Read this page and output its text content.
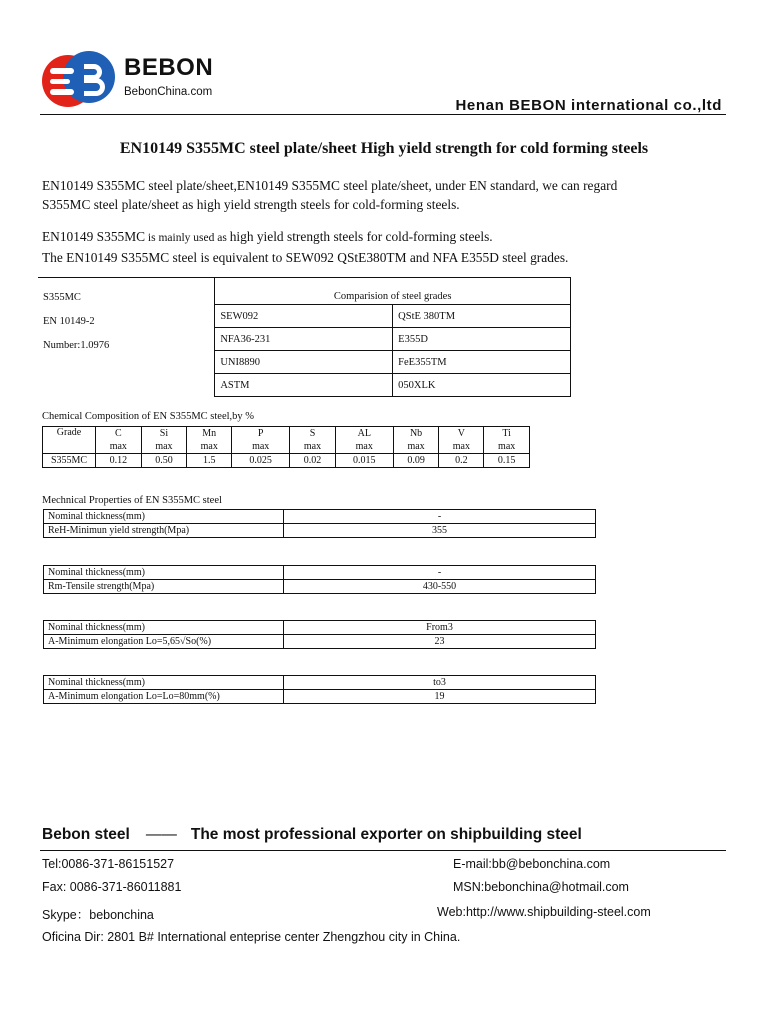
BEBON
BebonChina.com
Henan BEBON international co.,ltd
EN10149 S355MC steel plate/sheet High yield strength for cold forming steels
EN10149 S355MC steel plate/sheet,EN10149 S355MC steel plate/sheet, under EN standard, we can regard
S355MC steel plate/sheet as high yield strength steels for cold-forming steels.
EN10149 S355MC is mainly used as high yield strength steels for cold-forming steels.
The EN10149 S355MC steel is equivalent to SEW092 QStE380TM and NFA E355D steel grades.
S355MC
EN 10149-2
Number:1.0976	Comparision of steel grades	
	SEW092	QStE 380TM
	NFA36-231	E355D
	UNI8890	FeE355TM
	ASTM	050XLK
Chemical Composition of EN S355MC steel,by %
Grade	C	Si	Mn	P	S	AL	Nb	V	Ti
	max	max	max	max	max	max	max	max	max
S355MC	0.12	0.50	1.5	0.025	0.02	0.015	0.09	0.2	0.15
Mechnical Properties of EN S355MC steel
Nominal thickness(mm)	-
ReH-Minimun yield strength(Mpa)	355
Nominal thickness(mm)	-
Rm-Tensile strength(Mpa)	430-550
Nominal thickness(mm)	From3
A-Minimum elongation Lo=5,65√So(%)	23
Nominal thickness(mm)	to3
A-Minimum elongation Lo=Lo=80mm(%)	19
Bebon steel —— The most professional exporter on shipbuilding steel
Tel:0086-371-86151527	E-mail:bb@bebonchina.com
Fax: 0086-371-86011881	MSN:bebonchina@hotmail.com
Skype：bebonchina	Web:http://www.shipbuilding-steel.com
Oficina Dir: 2801 B# International enteprise center Zhengzhou city in China.
